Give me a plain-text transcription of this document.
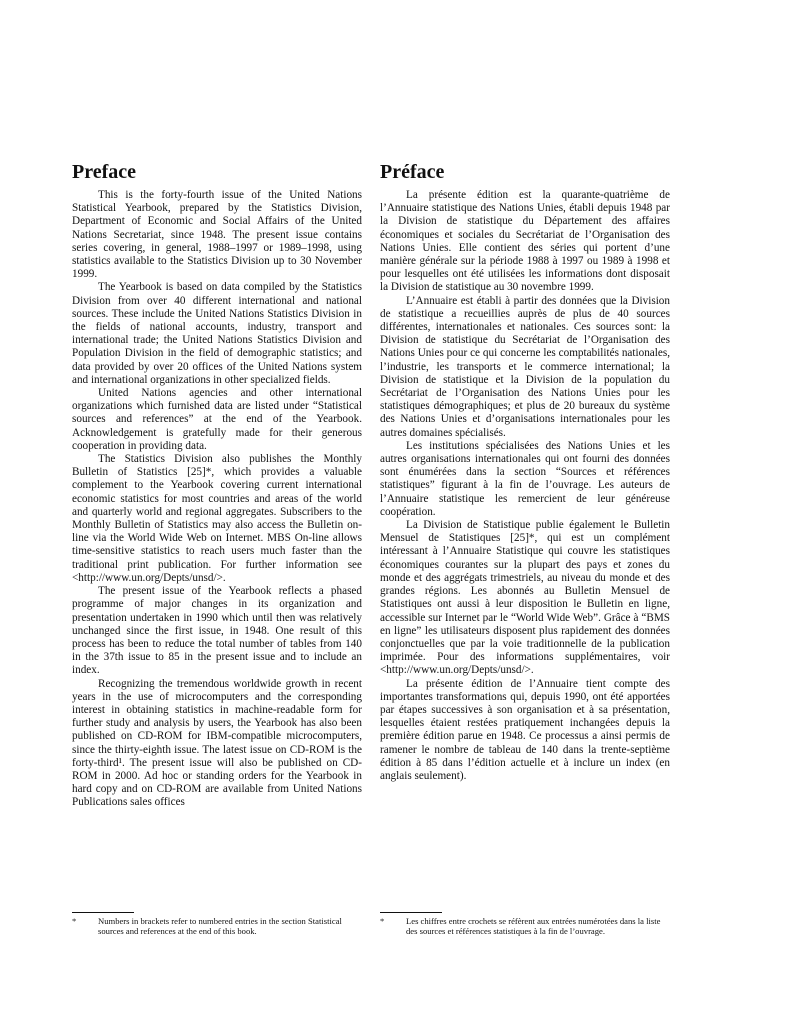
Preface

This is the forty-fourth issue of the United Nations Statistical Yearbook, prepared by the Statistics Division, Department of Economic and Social Affairs of the United Nations Secretariat, since 1948. The present issue contains series covering, in general, 1988–1997 or 1989–1998, using statistics available to the Statistics Division up to 30 November 1999.

The Yearbook is based on data compiled by the Statistics Division from over 40 different international and national sources. These include the United Nations Statistics Division in the fields of national accounts, industry, transport and international trade; the United Nations Statistics Division and Population Division in the field of demographic statistics; and data provided by over 20 offices of the United Nations system and international organizations in other specialized fields.

United Nations agencies and other international organizations which furnished data are listed under “Statistical sources and references” at the end of the Yearbook. Acknowledgement is gratefully made for their generous cooperation in providing data.

The Statistics Division also publishes the Monthly Bulletin of Statistics [25]*, which provides a valuable complement to the Yearbook covering current international economic statistics for most countries and areas of the world and quarterly world and regional aggregates. Subscribers to the Monthly Bulletin of Statistics may also access the Bulletin on-line via the World Wide Web on Internet. MBS On-line allows time-sensitive statistics to reach users much faster than the traditional print publication. For further information see <http://www.un.org/Depts/unsd/>.

The present issue of the Yearbook reflects a phased programme of major changes in its organization and presentation undertaken in 1990 which until then was relatively unchanged since the first issue, in 1948. One result of this process has been to reduce the total number of tables from 140 in the 37th issue to 85 in the present issue and to include an index.

Recognizing the tremendous worldwide growth in recent years in the use of microcomputers and the corresponding interest in obtaining statistics in machine-readable form for further study and analysis by users, the Yearbook has also been published on CD-ROM for IBM-compatible microcomputers, since the thirty-eighth issue. The latest issue on CD-ROM is the forty-third¹. The present issue will also be published on CD-ROM in 2000. Ad hoc or standing orders for the Yearbook in hard copy and on CD-ROM are available from United Nations Publications sales offices

Préface

La présente édition est la quarante-quatrième de l’Annuaire statistique des Nations Unies, établi depuis 1948 par la Division de statistique du Département des affaires économiques et sociales du Secrétariat de l’Organisation des Nations Unies. Elle contient des séries qui portent d’une manière générale sur la période 1988 à 1997 ou 1989 à 1998 et pour lesquelles ont été utilisées les informations dont disposait la Division de statistique au 30 novembre 1999.

L’Annuaire est établi à partir des données que la Division de statistique a recueillies auprès de plus de 40 sources différentes, internationales et nationales. Ces sources sont: la Division de statistique du Secrétariat de l’Organisation des Nations Unies pour ce qui concerne les comptabilités nationales, l’industrie, les transports et le commerce international; la Division de statistique et la Division de la population du Secrétariat de l’Organisation des Nations Unies pour les statistiques démographiques; et plus de 20 bureaux du système des Nations Unies et d’organisations internationales pour les autres domaines spécialisés.

Les institutions spécialisées des Nations Unies et les autres organisations internationales qui ont fourni des données sont énumérées dans la section “Sources et références statistiques” figurant à la fin de l’ouvrage. Les auteurs de l’Annuaire statistique les remercient de leur généreuse coopération.

La Division de Statistique publie également le Bulletin Mensuel de Statistiques [25]*, qui est un complément intéressant à l’Annuaire Statistique qui couvre les statistiques économiques courantes sur la plupart des pays et zones du monde et des aggrégats trimestriels, au niveau du monde et des grandes régions. Les abonnés au Bulletin Mensuel de Statistiques ont aussi à leur disposition le Bulletin en ligne, accessible sur Internet par le “World Wide Web”. Grâce à “BMS en ligne” les utilisateurs disposent plus rapidement des données conjonctuelles que par la voie traditionnelle de la publication imprimée. Pour des informations supplémentaires, voir <http://www.un.org/Depts/unsd/>.

La présente édition de l’Annuaire tient compte des importantes transformations qui, depuis 1990, ont été apportées par étapes successives à son organisation et à sa présentation, lesquelles étaient restées pratiquement inchangées depuis la première édition parue en 1948. Ce processus a ainsi permis de ramener le nombre de tableau de 140 dans la trente-septième édition à 85 dans l’édition actuelle et à inclure un index (en anglais seulement).

*	Numbers in brackets refer to numbered entries in the section Statistical sources and references at the end of this book.
*	Les chiffres entre crochets se réfèrent aux entrées numérotées dans la liste des sources et références statistiques à la fin de l’ouvrage.
